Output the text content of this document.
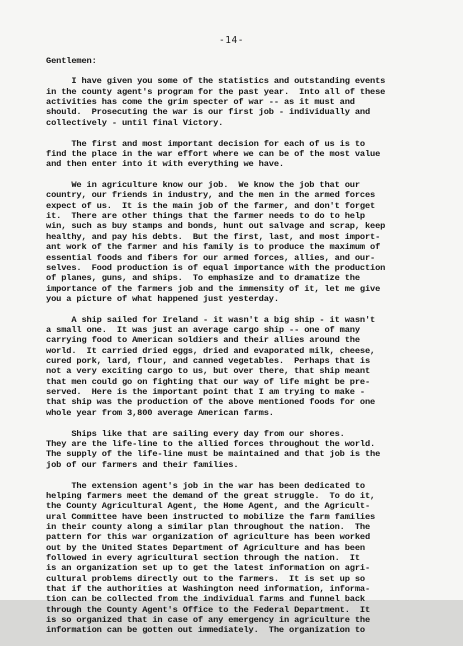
-14-
Gentlemen:
I have given you some of the statistics and outstanding events
in the county agent's program for the past year.  Into all of these
activities has come the grim specter of war -- as it must and
should.  Prosecuting the war is our first job - individually and
collectively - until final Victory.
The first and most important decision for each of us is to
find the place in the war effort where we can be of the most value
and then enter into it with everything we have.
We in agriculture know our job.  We know the job that our
country, our friends in industry, and the men in the armed forces
expect of us.  It is the main job of the farmer, and don't forget
it.  There are other things that the farmer needs to do to help
win, such as buy stamps and bonds, hunt out salvage and scrap, keep
healthy, and pay his debts.  But the first, last, and most import-
ant work of the farmer and his family is to produce the maximum of
essential foods and fibers for our armed forces, allies, and our-
selves.  Food production is of equal importance with the production
of planes, guns, and ships.  To emphasize and to dramatize the
importance of the farmers job and the immensity of it, let me give
you a picture of what happened just yesterday.
A ship sailed for Ireland - it wasn't a big ship - it wasn't
a small one.  It was just an average cargo ship -- one of many
carrying food to American soldiers and their allies around the
world.  It carried dried eggs, dried and evaporated milk, cheese,
cured pork, lard, flour, and canned vegetables.  Perhaps that is
not a very exciting cargo to us, but over there, that ship meant
that men could go on fighting that our way of life might be pre-
served.  Here is the important point that I am trying to make -
that ship was the production of the above mentioned foods for one
whole year from 3,800 average American farms.
Ships like that are sailing every day from our shores.
They are the life-line to the allied forces throughout the world.
The supply of the life-line must be maintained and that job is the
job of our farmers and their families.
The extension agent's job in the war has been dedicated to
helping farmers meet the demand of the great struggle.  To do it,
the County Agricultural Agent, the Home Agent, and the Agricult-
ural Committee have been instructed to mobilize the farm families
in their county along a similar plan throughout the nation.  The
pattern for this war organization of agriculture has been worked
out by the United States Department of Agriculture and has been
followed in every agricultural section through the nation.  It
is an organization set up to get the latest information on agri-
cultural problems directly out to the farmers.  It is set up so
that if the authorities at Washington need information, informa-
tion can be collected from the individual farms and funnel back
through the County Agent's Office to the Federal Department.  It
is so organized that in case of any emergency in agriculture the
information can be gotten out immediately.  The organization to
